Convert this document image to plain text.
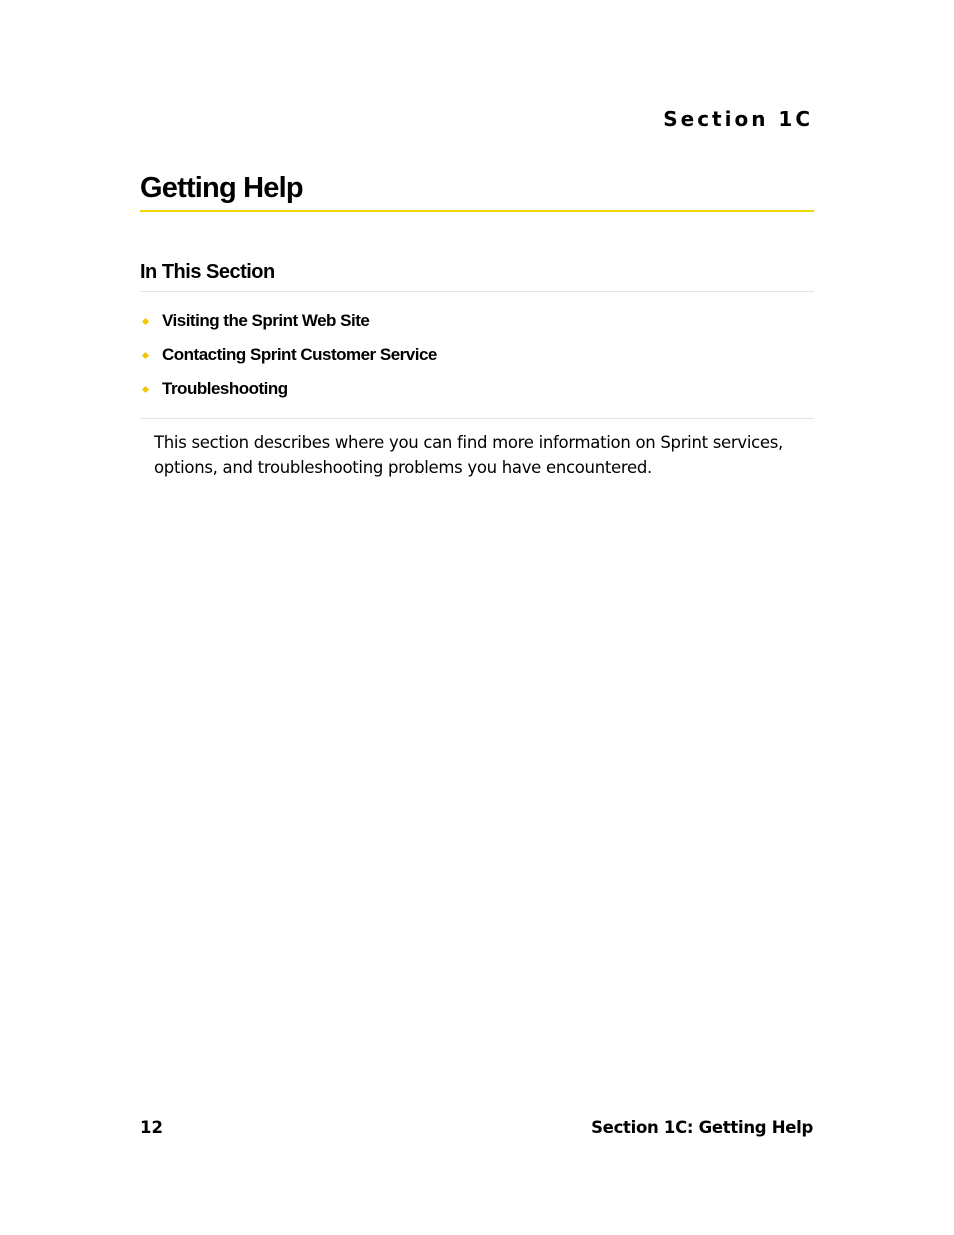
Section 1C
Getting Help
In This Section
Visiting the Sprint Web Site
Contacting Sprint Customer Service
Troubleshooting

This section describes where you can find more information on Sprint services, options, and troubleshooting problems you have encountered.

12	Section 1C: Getting Help
